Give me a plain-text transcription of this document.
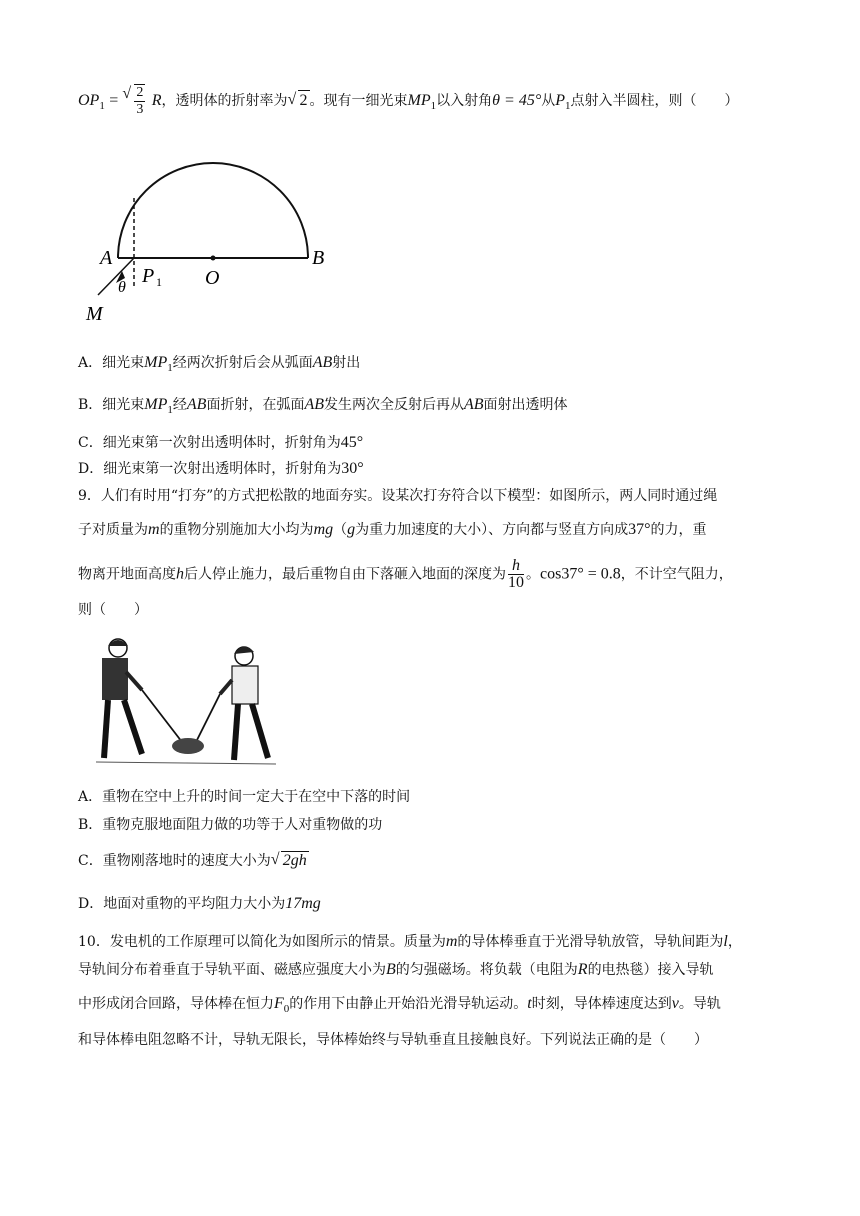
$OP_1$ = √ $\frac{2}{3}$ R，透明体的折射率为 √ 2 。现有一细光束$MP_1$以入射角θ = 45°从$P_1$点射入半圆柱，则（　　）
A	B
O
P 1
θ
M
A．细光束$MP_1$经两次折射后会从弧面AB射出
B．细光束$MP_1$经AB面折射，在弧面AB发生两次全反射后再从AB面射出透明体
C．细光束第一次射出透明体时，折射角为45°
D．细光束第一次射出透明体时，折射角为30°
9．人们有时用“打夯”的方式把松散的地面夯实。设某次打夯符合以下模型：如图所示，两人同时通过绳
子对质量为m的重物分别施加大小均为mg（g为重力加速度的大小）、方向都与竖直方向成37°的力，重
物离开地面高度h后人停止施力，最后重物自由下落砸入地面的深度为 $\frac{h}{10}$ 。cos37° = 0.8，不计空气阻力，
则（　　）
A．重物在空中上升的时间一定大于在空中下落的时间
B．重物克服地面阻力做的功等于人对重物做的功
C．重物刚落地时的速度大小为 √ 2gh
D．地面对重物的平均阻力大小为17mg
10．发电机的工作原理可以简化为如图所示的情景。质量为m的导体棒垂直于光滑导轨放管，导轨间距为l，
导轨间分布着垂直于导轨平面、磁感应强度大小为B的匀强磁场。将负载（电阻为R的电热毯）接入导轨
中形成闭合回路，导体棒在恒力$F_0$的作用下由静止开始沿光滑导轨运动。t时刻，导体棒速度达到v。导轨
和导体棒电阻忽略不计，导轨无限长，导体棒始终与导轨垂直且接触良好。下列说法正确的是（　　）
